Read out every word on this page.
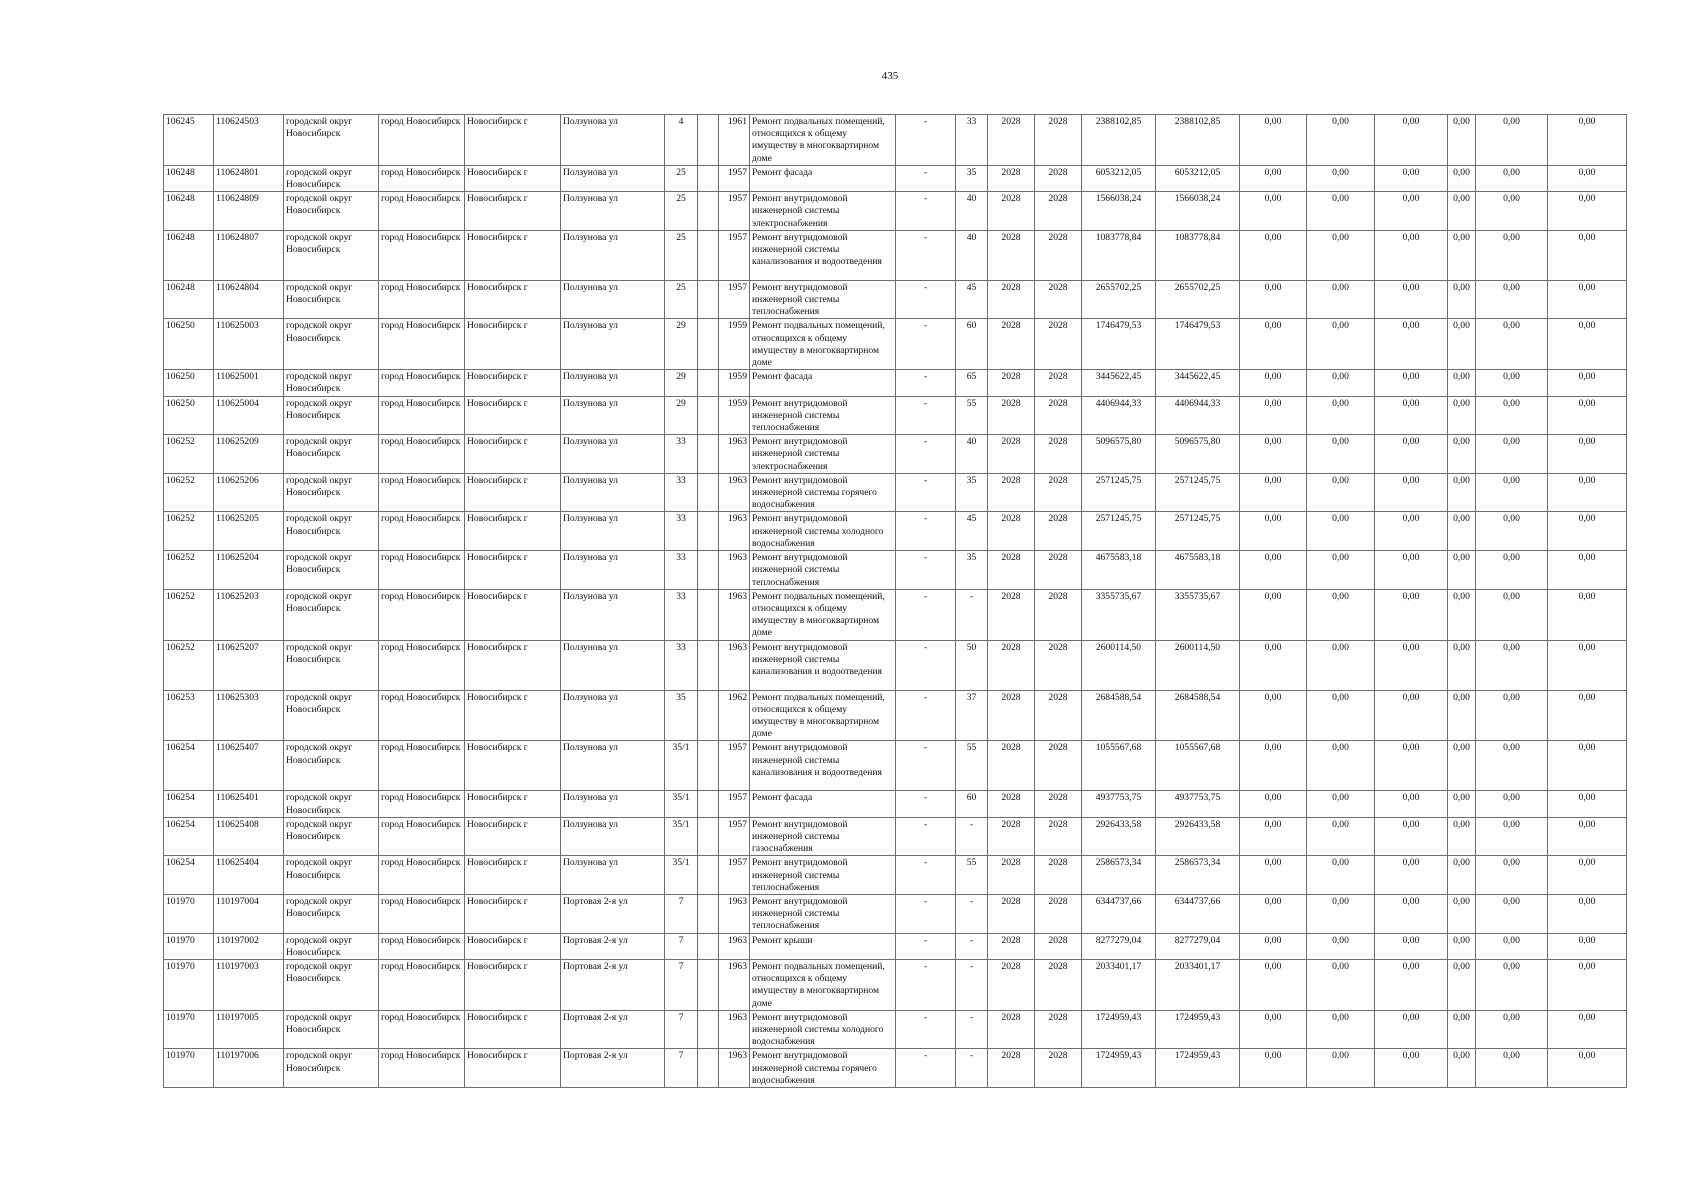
435
106245	110624503	городской округ Новосибирск	город Новосибирск	Новосибирск г	Ползунова ул	4		1961	Ремонт подвальных помещений, относящихся к общему имуществу в многоквартирном доме	-	33	2028	2028	2388102,85	2388102,85	0,00	0,00	0,00	0,00	0,00	0,00
106248	110624801	городской округ Новосибирск	город Новосибирск	Новосибирск г	Ползунова ул	25		1957	Ремонт фасада	-	35	2028	2028	6053212,05	6053212,05	0,00	0,00	0,00	0,00	0,00	0,00
106248	110624809	городской округ Новосибирск	город Новосибирск	Новосибирск г	Ползунова ул	25		1957	Ремонт внутридомовой инженерной системы электроснабжения	-	40	2028	2028	1566038,24	1566038,24	0,00	0,00	0,00	0,00	0,00	0,00
106248	110624807	городской округ Новосибирск	город Новосибирск	Новосибирск г	Ползунова ул	25		1957	Ремонт внутридомовой инженерной системы канализования и водоотведения	-	40	2028	2028	1083778,84	1083778,84	0,00	0,00	0,00	0,00	0,00	0,00
106248	110624804	городской округ Новосибирск	город Новосибирск	Новосибирск г	Ползунова ул	25		1957	Ремонт внутридомовой инженерной системы теплоснабжения	-	45	2028	2028	2655702,25	2655702,25	0,00	0,00	0,00	0,00	0,00	0,00
106250	110625003	городской округ Новосибирск	город Новосибирск	Новосибирск г	Ползунова ул	29		1959	Ремонт подвальных помещений, относящихся к общему имуществу в многоквартирном доме	-	60	2028	2028	1746479,53	1746479,53	0,00	0,00	0,00	0,00	0,00	0,00
106250	110625001	городской округ Новосибирск	город Новосибирск	Новосибирск г	Ползунова ул	29		1959	Ремонт фасада	-	65	2028	2028	3445622,45	3445622,45	0,00	0,00	0,00	0,00	0,00	0,00
106250	110625004	городской округ Новосибирск	город Новосибирск	Новосибирск г	Ползунова ул	29		1959	Ремонт внутридомовой инженерной системы теплоснабжения	-	55	2028	2028	4406944,33	4406944,33	0,00	0,00	0,00	0,00	0,00	0,00
106252	110625209	городской округ Новосибирск	город Новосибирск	Новосибирск г	Ползунова ул	33		1963	Ремонт внутридомовой инженерной системы электроснабжения	-	40	2028	2028	5096575,80	5096575,80	0,00	0,00	0,00	0,00	0,00	0,00
106252	110625206	городской округ Новосибирск	город Новосибирск	Новосибирск г	Ползунова ул	33		1963	Ремонт внутридомовой инженерной системы горячего водоснабжения	-	35	2028	2028	2571245,75	2571245,75	0,00	0,00	0,00	0,00	0,00	0,00
106252	110625205	городской округ Новосибирск	город Новосибирск	Новосибирск г	Ползунова ул	33		1963	Ремонт внутридомовой инженерной системы холодного водоснабжения	-	45	2028	2028	2571245,75	2571245,75	0,00	0,00	0,00	0,00	0,00	0,00
106252	110625204	городской округ Новосибирск	город Новосибирск	Новосибирск г	Ползунова ул	33		1963	Ремонт внутридомовой инженерной системы теплоснабжения	-	35	2028	2028	4675583,18	4675583,18	0,00	0,00	0,00	0,00	0,00	0,00
106252	110625203	городской округ Новосибирск	город Новосибирск	Новосибирск г	Ползунова ул	33		1963	Ремонт подвальных помещений, относящихся к общему имуществу в многоквартирном доме	-	-	2028	2028	3355735,67	3355735,67	0,00	0,00	0,00	0,00	0,00	0,00
106252	110625207	городской округ Новосибирск	город Новосибирск	Новосибирск г	Ползунова ул	33		1963	Ремонт внутридомовой инженерной системы канализования и водоотведения	-	50	2028	2028	2600114,50	2600114,50	0,00	0,00	0,00	0,00	0,00	0,00
106253	110625303	городской округ Новосибирск	город Новосибирск	Новосибирск г	Ползунова ул	35		1962	Ремонт подвальных помещений, относящихся к общему имуществу в многоквартирном доме	-	37	2028	2028	2684588,54	2684588,54	0,00	0,00	0,00	0,00	0,00	0,00
106254	110625407	городской округ Новосибирск	город Новосибирск	Новосибирск г	Ползунова ул	35/1		1957	Ремонт внутридомовой инженерной системы канализования и водоотведения	-	55	2028	2028	1055567,68	1055567,68	0,00	0,00	0,00	0,00	0,00	0,00
106254	110625401	городской округ Новосибирск	город Новосибирск	Новосибирск г	Ползунова ул	35/1		1957	Ремонт фасада	-	60	2028	2028	4937753,75	4937753,75	0,00	0,00	0,00	0,00	0,00	0,00
106254	110625408	городской округ Новосибирск	город Новосибирск	Новосибирск г	Ползунова ул	35/1		1957	Ремонт внутридомовой инженерной системы газоснабжения	-	-	2028	2028	2926433,58	2926433,58	0,00	0,00	0,00	0,00	0,00	0,00
106254	110625404	городской округ Новосибирск	город Новосибирск	Новосибирск г	Ползунова ул	35/1		1957	Ремонт внутридомовой инженерной системы теплоснабжения	-	55	2028	2028	2586573,34	2586573,34	0,00	0,00	0,00	0,00	0,00	0,00
101970	110197004	городской округ Новосибирск	город Новосибирск	Новосибирск г	Портовая 2-я ул	7		1963	Ремонт внутридомовой инженерной системы теплоснабжения	-	-	2028	2028	6344737,66	6344737,66	0,00	0,00	0,00	0,00	0,00	0,00
101970	110197002	городской округ Новосибирск	город Новосибирск	Новосибирск г	Портовая 2-я ул	7		1963	Ремонт крыши	-	-	2028	2028	8277279,04	8277279,04	0,00	0,00	0,00	0,00	0,00	0,00
101970	110197003	городской округ Новосибирск	город Новосибирск	Новосибирск г	Портовая 2-я ул	7		1963	Ремонт подвальных помещений, относящихся к общему имуществу в многоквартирном доме	-	-	2028	2028	2033401,17	2033401,17	0,00	0,00	0,00	0,00	0,00	0,00
101970	110197005	городской округ Новосибирск	город Новосибирск	Новосибирск г	Портовая 2-я ул	7		1963	Ремонт внутридомовой инженерной системы холодного водоснабжения	-	-	2028	2028	1724959,43	1724959,43	0,00	0,00	0,00	0,00	0,00	0,00
101970	110197006	городской округ Новосибирск	город Новосибирск	Новосибирск г	Портовая 2-я ул	7		1963	Ремонт внутридомовой инженерной системы горячего водоснабжения	-	-	2028	2028	1724959,43	1724959,43	0,00	0,00	0,00	0,00	0,00	0,00
